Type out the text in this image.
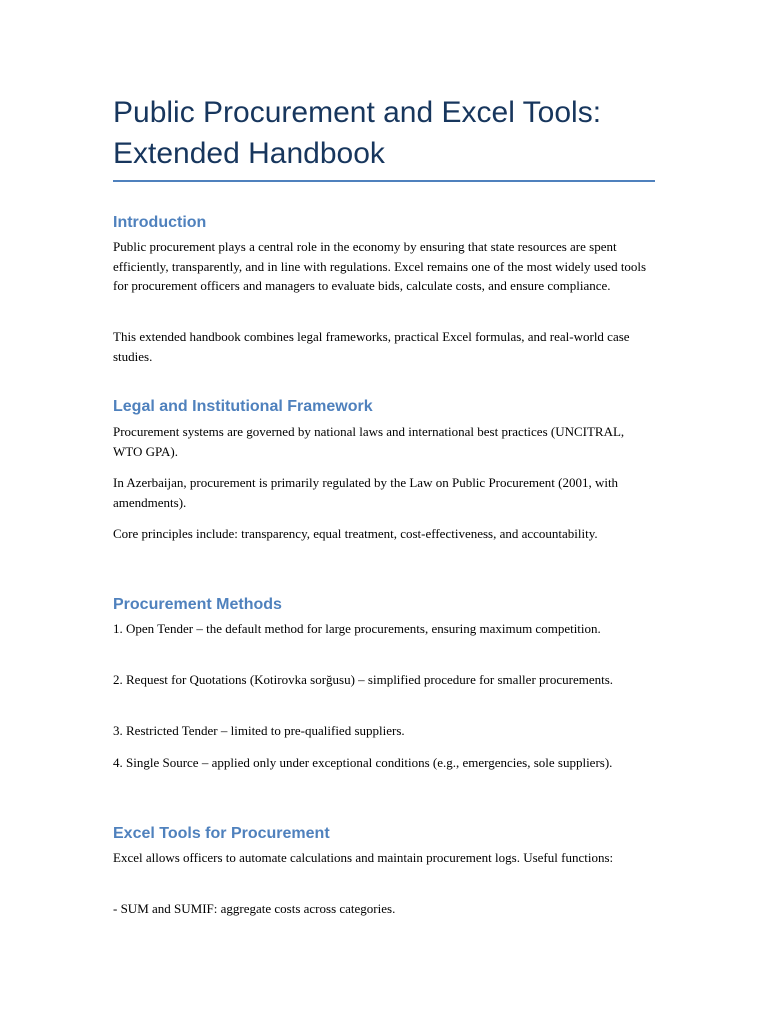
Public Procurement and Excel Tools:
Extended Handbook
Introduction

Public procurement plays a central role in the economy by ensuring that state resources are spent efficiently, transparently, and in line with regulations. Excel remains one of the most widely used tools for procurement officers and managers to evaluate bids, calculate costs, and ensure compliance.

This extended handbook combines legal frameworks, practical Excel formulas, and real-world case studies.

Legal and Institutional Framework

Procurement systems are governed by national laws and international best practices (UNCITRAL, WTO GPA).

In Azerbaijan, procurement is primarily regulated by the Law on Public Procurement (2001, with amendments).

Core principles include: transparency, equal treatment, cost-effectiveness, and accountability.

Procurement Methods

1. Open Tender – the default method for large procurements, ensuring maximum competition.

2. Request for Quotations (Kotirovka sorğusu) – simplified procedure for smaller procurements.

3. Restricted Tender – limited to pre-qualified suppliers.

4. Single Source – applied only under exceptional conditions (e.g., emergencies, sole suppliers).

Excel Tools for Procurement

Excel allows officers to automate calculations and maintain procurement logs. Useful functions:

- SUM and SUMIF: aggregate costs across categories.
